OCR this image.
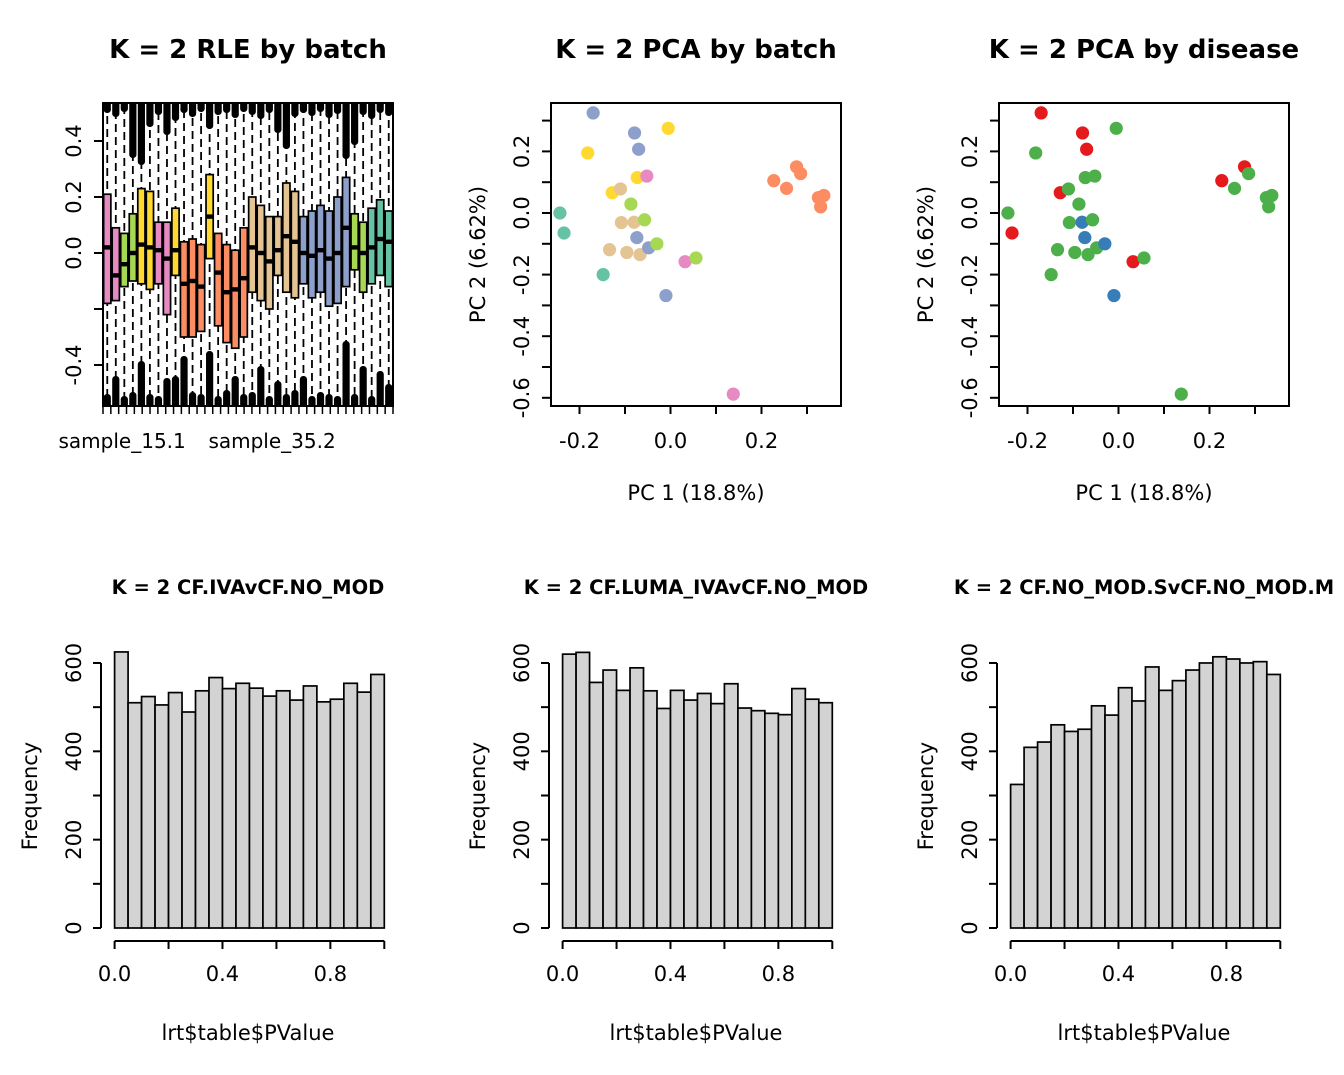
-0.4
0.0
0.2
0.4
sample_15.1 sample_35.2
K = 2 RLE by batch
-0.2	0.0	0.2
0.2
0.0
-0.2
-0.4
-0.6
PC 1 (18.8%)
PC 2 (6.62%)
K = 2 PCA by batch
-0.2	0.0	0.2
0.2
0.0
-0.2
-0.4
-0.6
PC 1 (18.8%)
PC 2 (6.62%)
K = 2 PCA by disease
0
200
400
600
0.0	0.4	0.8
lrt$table$PValue
Frequency
K = 2 CF.IVAvCF.NO_MOD
0
200
400
600
0.0	0.4	0.8
lrt$table$PValue
Frequency
K = 2 CF.LUMA_IVAvCF.NO_MOD
0
200
400
600
0.0	0.4	0.8
lrt$table$PValue
Frequency
K = 2 CF.NO_MOD.SvCF.NO_MOD.M
